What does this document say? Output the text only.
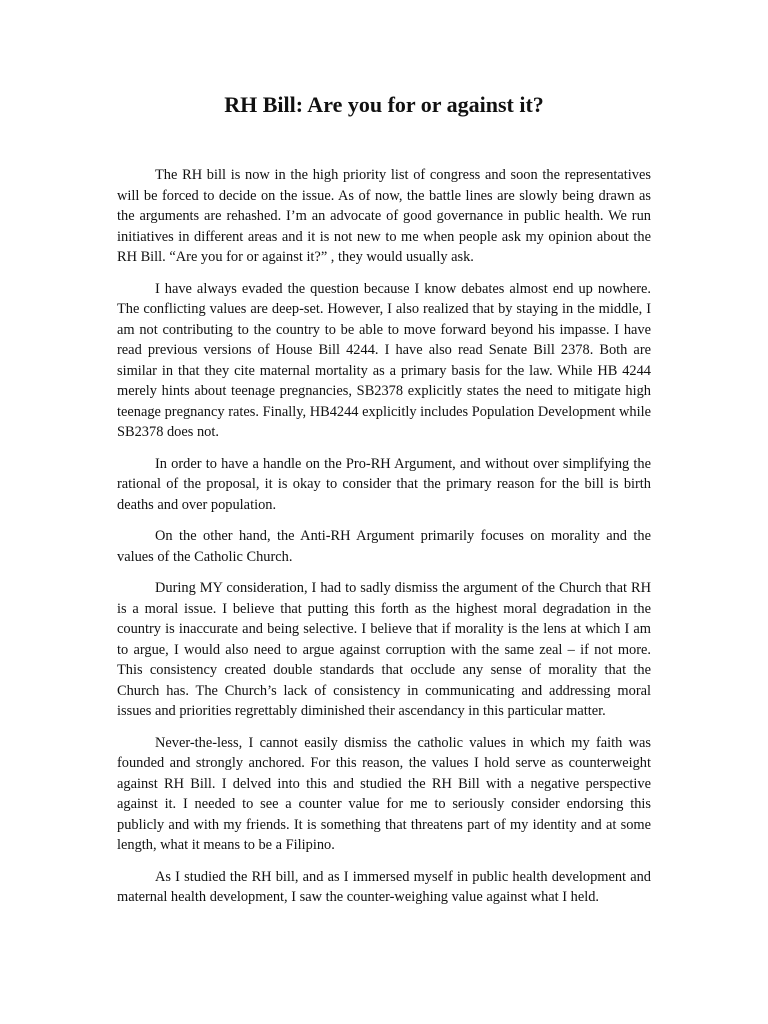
RH Bill: Are you for or against it?

The RH bill is now in the high priority list of congress and soon the representatives will be forced to decide on the issue. As of now, the battle lines are slowly being drawn as the arguments are rehashed. I’m an advocate of good governance in public health. We run initiatives in different areas and it is not new to me when people ask my opinion about the RH Bill. “Are you for or against it?” , they would usually ask.

I have always evaded the question because I know debates almost end up nowhere. The conflicting values are deep-set. However, I also realized that by staying in the middle, I am not contributing to the country to be able to move forward beyond his impasse. I have read previous versions of House Bill 4244. I have also read Senate Bill 2378. Both are similar in that they cite maternal mortality as a primary basis for the law. While HB 4244 merely hints about teenage pregnancies, SB2378 explicitly states the need to mitigate high teenage pregnancy rates. Finally, HB4244 explicitly includes Population Development while SB2378 does not.

In order to have a handle on the Pro-RH Argument, and without over simplifying the rational of the proposal, it is okay to consider that the primary reason for the bill is birth deaths and over population.

On the other hand, the Anti-RH Argument primarily focuses on morality and the values of the Catholic Church.

During MY consideration, I had to sadly dismiss the argument of the Church that RH is a moral issue. I believe that putting this forth as the highest moral degradation in the country is inaccurate and being selective. I believe that if morality is the lens at which I am to argue, I would also need to argue against corruption with the same zeal – if not more. This consistency created double standards that occlude any sense of morality that the Church has. The Church’s lack of consistency in communicating and addressing moral issues and priorities regrettably diminished their ascendancy in this particular matter.

Never-the-less, I cannot easily dismiss the catholic values in which my faith was founded and strongly anchored. For this reason, the values I hold serve as counterweight against RH Bill. I delved into this and studied the RH Bill with a negative perspective against it. I needed to see a counter value for me to seriously consider endorsing this publicly and with my friends. It is something that threatens part of my identity and at some length, what it means to be a Filipino.

As I studied the RH bill, and as I immersed myself in public health development and maternal health development, I saw the counter-weighing value against what I held.
